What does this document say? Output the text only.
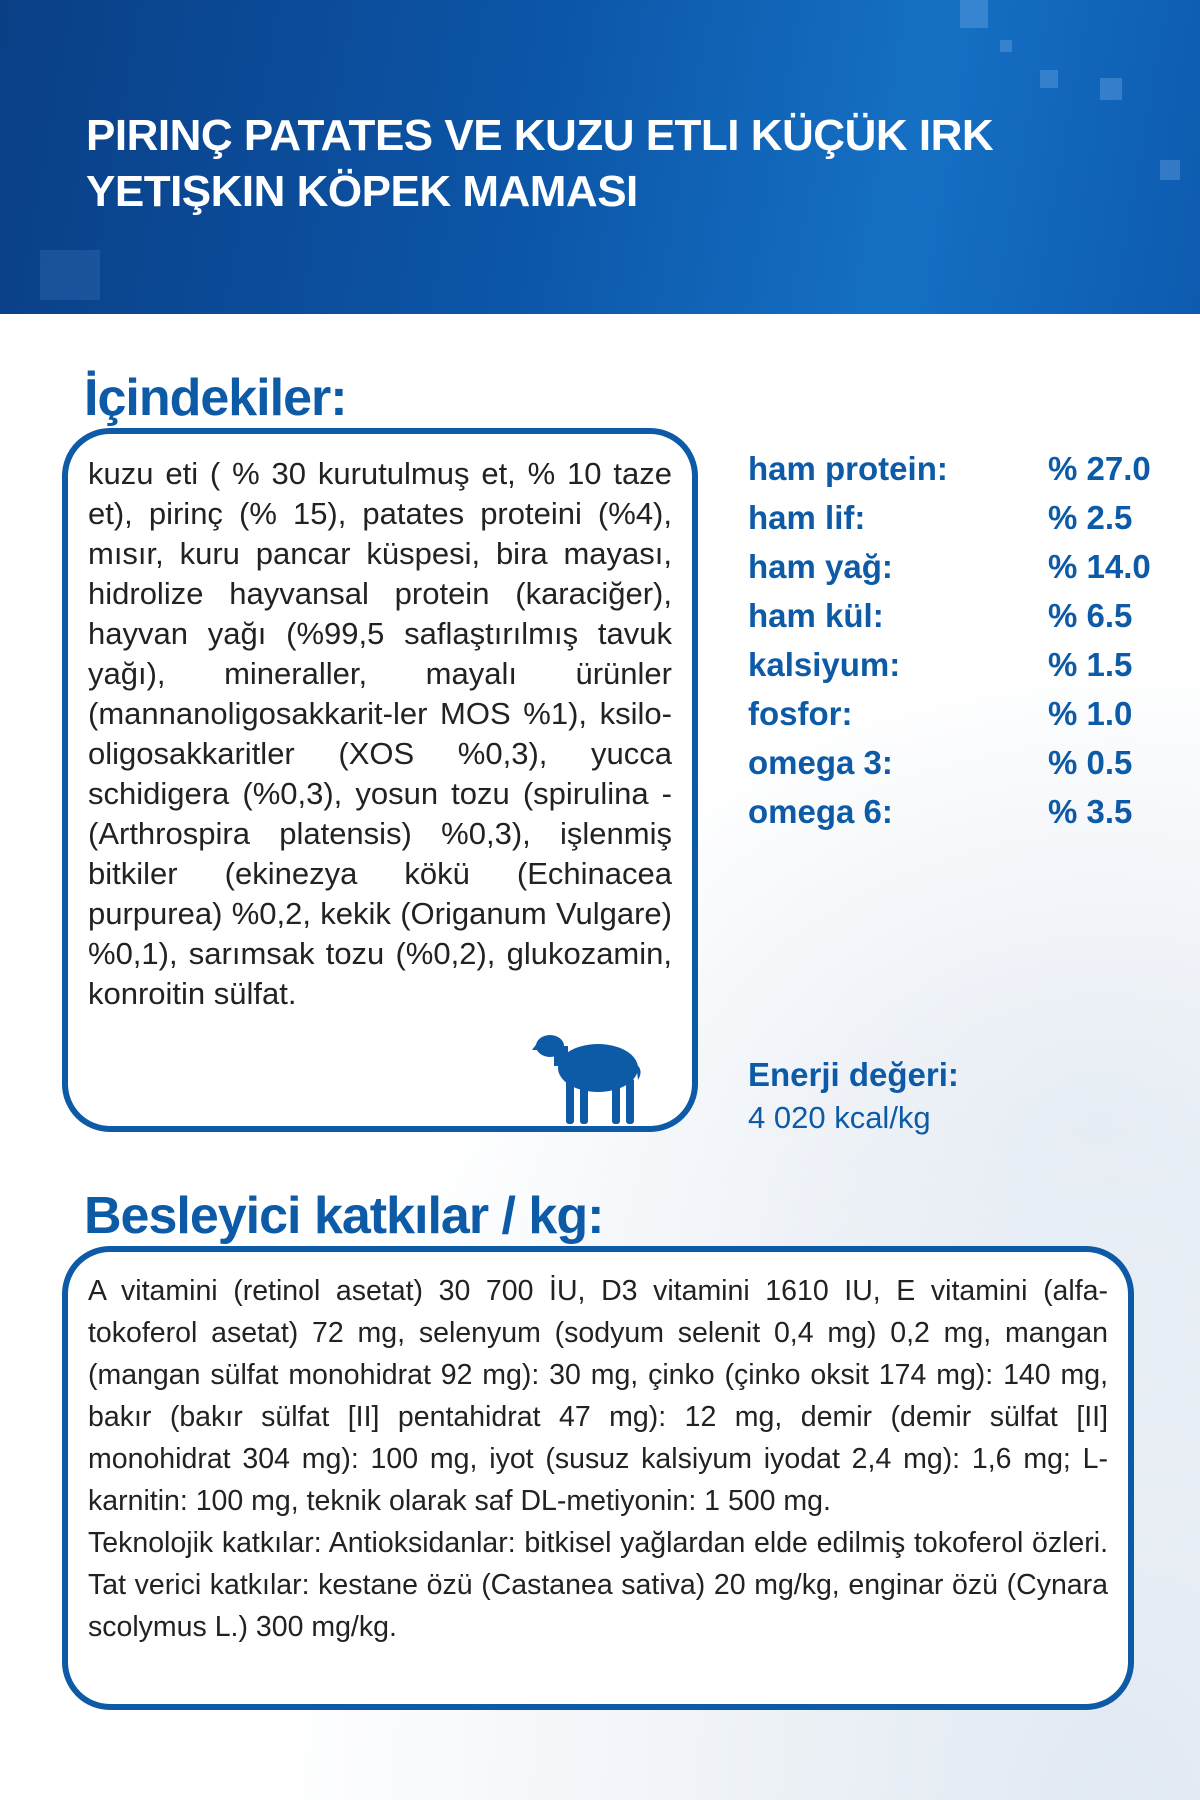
PIRINÇ PATATES VE KUZU ETLI KÜÇÜK IRK
YETIŞKIN KÖPEK MAMASI
İçindekiler:
kuzu eti ( % 30 kurutulmuş et, % 10 taze et), pirinç (% 15), patates proteini (%4), mısır, kuru pancar küspesi, bira mayası, hidrolize hayvansal protein (karaciğer), hayvan yağı (%99,5 saflaştırılmış tavuk yağı), mineraller, mayalı ürünler (mannanoligosakkarit-ler MOS %1), ksilo-oligosakkaritler (XOS %0,3), yucca schidigera (%0,3), yosun tozu (spirulina - (Arthrospira platensis) %0,3), işlenmiş bitkiler (ekinezya kökü (Echinacea purpurea) %0,2, kekik (Origanum Vulgare) %0,1), sarımsak tozu (%0,2), glukozamin, konroitin sülfat.
ham protein:	% 27.0
ham lif:	% 2.5
ham yağ:	% 14.0
ham kül:	% 6.5
kalsiyum:	% 1.5
fosfor:	% 1.0
omega 3:	% 0.5
omega 6:	% 3.5
Enerji değeri:
4 020 kcal/kg
Besleyici katkılar / kg:

A vitamini (retinol asetat) 30 700 İU, D3 vitamini 1610 IU, E vitamini (alfa-tokoferol asetat) 72 mg, selenyum (sodyum selenit 0,4 mg) 0,2 mg, mangan (mangan sülfat monohidrat 92 mg): 30 mg, çinko (çinko oksit 174 mg): 140 mg, bakır (bakır sülfat [II] pentahidrat 47 mg): 12 mg, demir (demir sülfat [II] monohidrat 304 mg): 100 mg, iyot (susuz kalsiyum iyodat 2,4 mg): 1,6 mg; L-karnitin: 100 mg, teknik olarak saf DL-metiyonin: 1 500 mg.

Teknolojik katkılar: Antioksidanlar: bitkisel yağlardan elde edilmiş tokoferol özleri. Tat verici katkılar: kestane özü (Castanea sativa) 20 mg/kg, enginar özü (Cynara scolymus L.) 300 mg/kg.
